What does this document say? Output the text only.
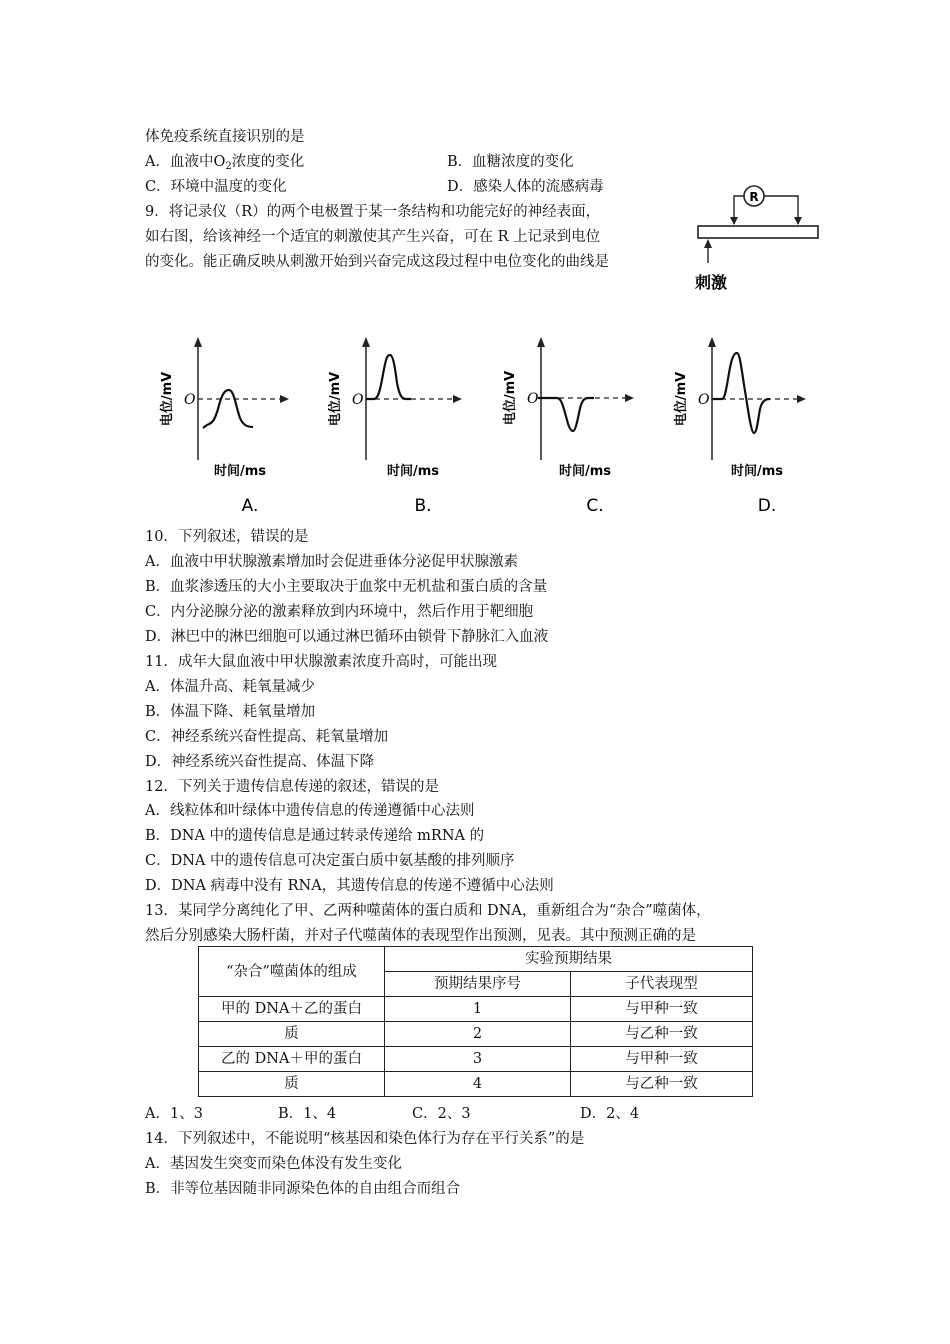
体免疫系统直接识别的是
A．血液中$O_2$浓度的变化	B．血糖浓度的变化
C．环境中温度的变化	D．感染人体的流感病毒
9．将记录仪（R）的两个电极置于某一条结构和功能完好的神经表面，
如右图，给该神经一个适宜的刺激使其产生兴奋，可在 R 上记录到电位
的变化。能正确反映从刺激开始到兴奋完成这段过程中电位变化的曲线是
R
刺激
O
电位/mV
时间/ms
A.
O
电位/mV
时间/ms
B.
O
电位/mV
时间/ms
C.
O
电位/mV
时间/ms
D.
10．下列叙述，错误的是
A．血液中甲状腺激素增加时会促进垂体分泌促甲状腺激素
B．血浆渗透压的大小主要取决于血浆中无机盐和蛋白质的含量
C．内分泌腺分泌的激素释放到内环境中，然后作用于靶细胞
D．淋巴中的淋巴细胞可以通过淋巴循环由锁骨下静脉汇入血液
11．成年大鼠血液中甲状腺激素浓度升高时，可能出现
A．体温升高、耗氧量减少
B．体温下降、耗氧量增加
C．神经系统兴奋性提高、耗氧量增加
D．神经系统兴奋性提高、体温下降
12．下列关于遗传信息传递的叙述，错误的是
A．线粒体和叶绿体中遗传信息的传递遵循中心法则
B．DNA 中的遗传信息是通过转录传递给 mRNA 的
C．DNA 中的遗传信息可决定蛋白质中氨基酸的排列顺序
D．DNA 病毒中没有 RNA，其遗传信息的传递不遵循中心法则
13．某同学分离纯化了甲、乙两种噬菌体的蛋白质和 DNA，重新组合为“杂合”噬菌体，
然后分别感染大肠杆菌，并对子代噬菌体的表现型作出预测，见表。其中预测正确的是
“杂合”噬菌体的组成	实验预期结果	
	预期结果序号	子代表现型
甲的 DNA＋乙的蛋白	1	与甲种一致
质	2	与乙种一致
乙的 DNA＋甲的蛋白	3	与甲种一致
质	4	与乙种一致
A．1、3	B．1、4	C．2、3	D．2、4
14．下列叙述中，不能说明“核基因和染色体行为存在平行关系”的是
A．基因发生突变而染色体没有发生变化
B．非等位基因随非同源染色体的自由组合而组合
